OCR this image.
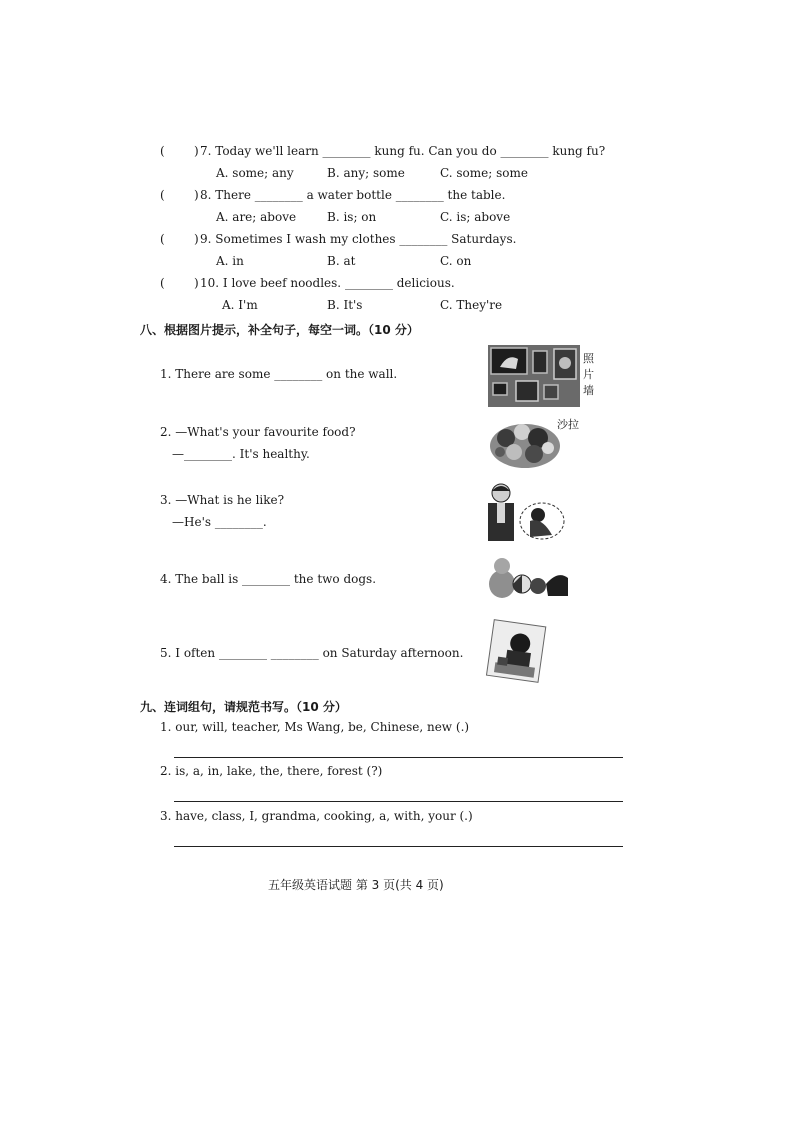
( ) 7. Today we'll learn ________ kung fu. Can you do ________ kung fu?
A. some; any	B. any; some	C. some; some
( ) 8. There ________ a water bottle ________ the table.
A. are; above	B. is; on	C. is; above
( ) 9. Sometimes I wash my clothes ________ Saturdays.
A. in	B. at	C. on
( ) 10. I love beef noodles. ________ delicious.
A. I'm	B. It's	C. They're
八、根据图片提示，补全句子，每空一词。（10 分）
1. There are some ________ on the wall.
照
片
墙
2. —What's your favourite food?
—________. It's healthy.
沙拉
3. —What is he like?
—He's ________.
4. The ball is ________ the two dogs.
5. I often ________ ________ on Saturday afternoon.
九、连词组句，请规范书写。（10 分）
1. our, will, teacher, Ms Wang, be, Chinese, new (.)
2. is, a, in, lake, the, there, forest (?)
3. have, class, I, grandma, cooking, a, with, your (.)
五年级英语试题 第 3 页(共 4 页)
